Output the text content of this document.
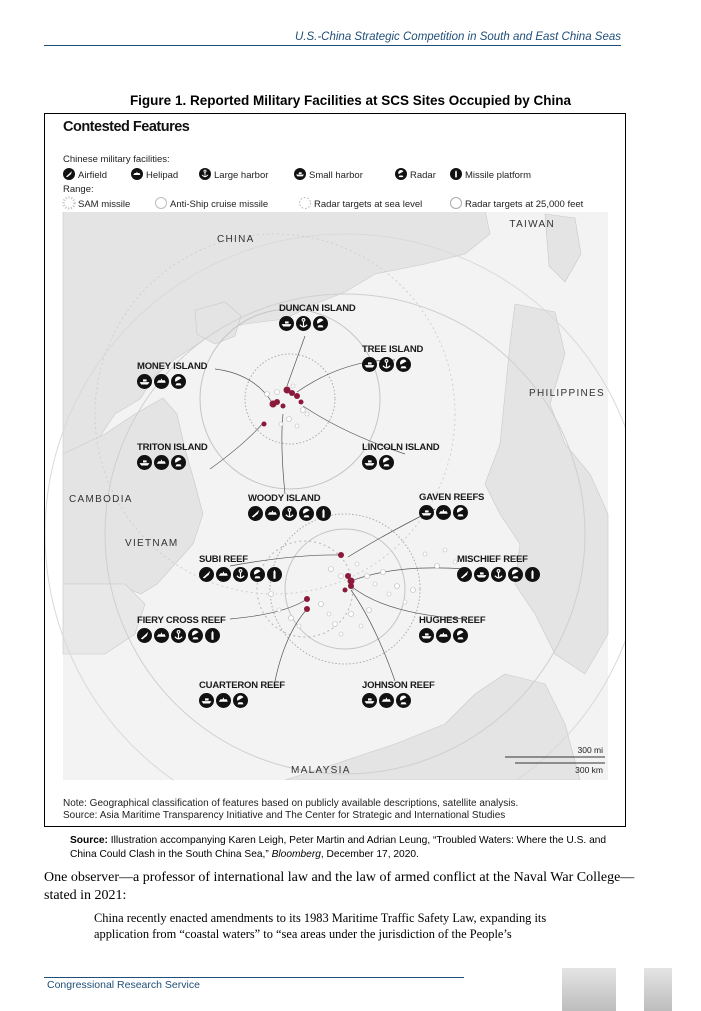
U.S.-China Strategic Competition in South and East China Seas
Figure 1. Reported Military Facilities at SCS Sites Occupied by China
300 mi
300 km
Contested Features
Chinese military facilities:
Airfield	Helipad	Large harbor	Small harbor	Radar	Missile platform
Range:
SAM missile	Anti-Ship cruise missile	Radar targets at sea level	Radar targets at 25,000 feet
CHINA
TAIWAN
PHILIPPINES
CAMBODIA
VIETNAM
MALAYSIA
DUNCAN ISLAND
TREE ISLAND
MONEY ISLAND
TRITON ISLAND	LINCOLN ISLAND
WOODY ISLAND	GAVEN REEFS
SUBI REEF	MISCHIEF REEF
FIERY CROSS REEF	HUGHES REEF
CUARTERON REEF	JOHNSON REEF
Note: Geographical classification of features based on publicly available descriptions, satellite analysis.
Source: Asia Maritime Transparency Initiative and The Center for Strategic and International Studies
Source: Illustration accompanying Karen Leigh, Peter Martin and Adrian Leung, “Troubled Waters: Where the U.S. and China Could Clash in the South China Sea,” Bloomberg, December 17, 2020.
One observer—a professor of international law and the law of armed conflict at the Naval War College—stated in 2021:
China recently enacted amendments to its 1983 Maritime Traffic Safety Law, expanding its application from “coastal waters” to “sea areas under the jurisdiction of the People’s
Congressional Research Service
